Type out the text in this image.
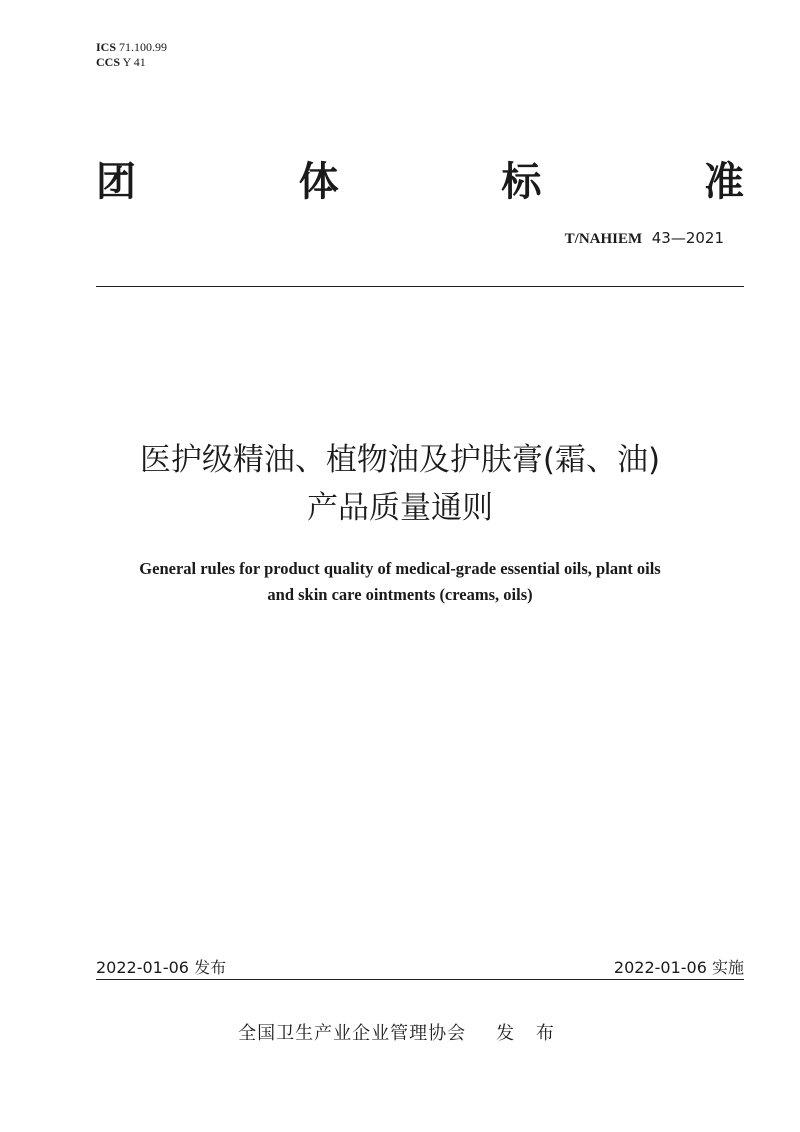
ICS 71.100.99
CCS Y 41
团	体	标	准
T/NAHIEM 43—2021
医护级精油、植物油及护肤膏(霜、油)
产品质量通则
General rules for product quality of medical-grade essential oils, plant oils
and skin care ointments (creams, oils)
2022-01-06 发布	2022-01-06 实施
全国卫生产业企业管理协会 发 布
